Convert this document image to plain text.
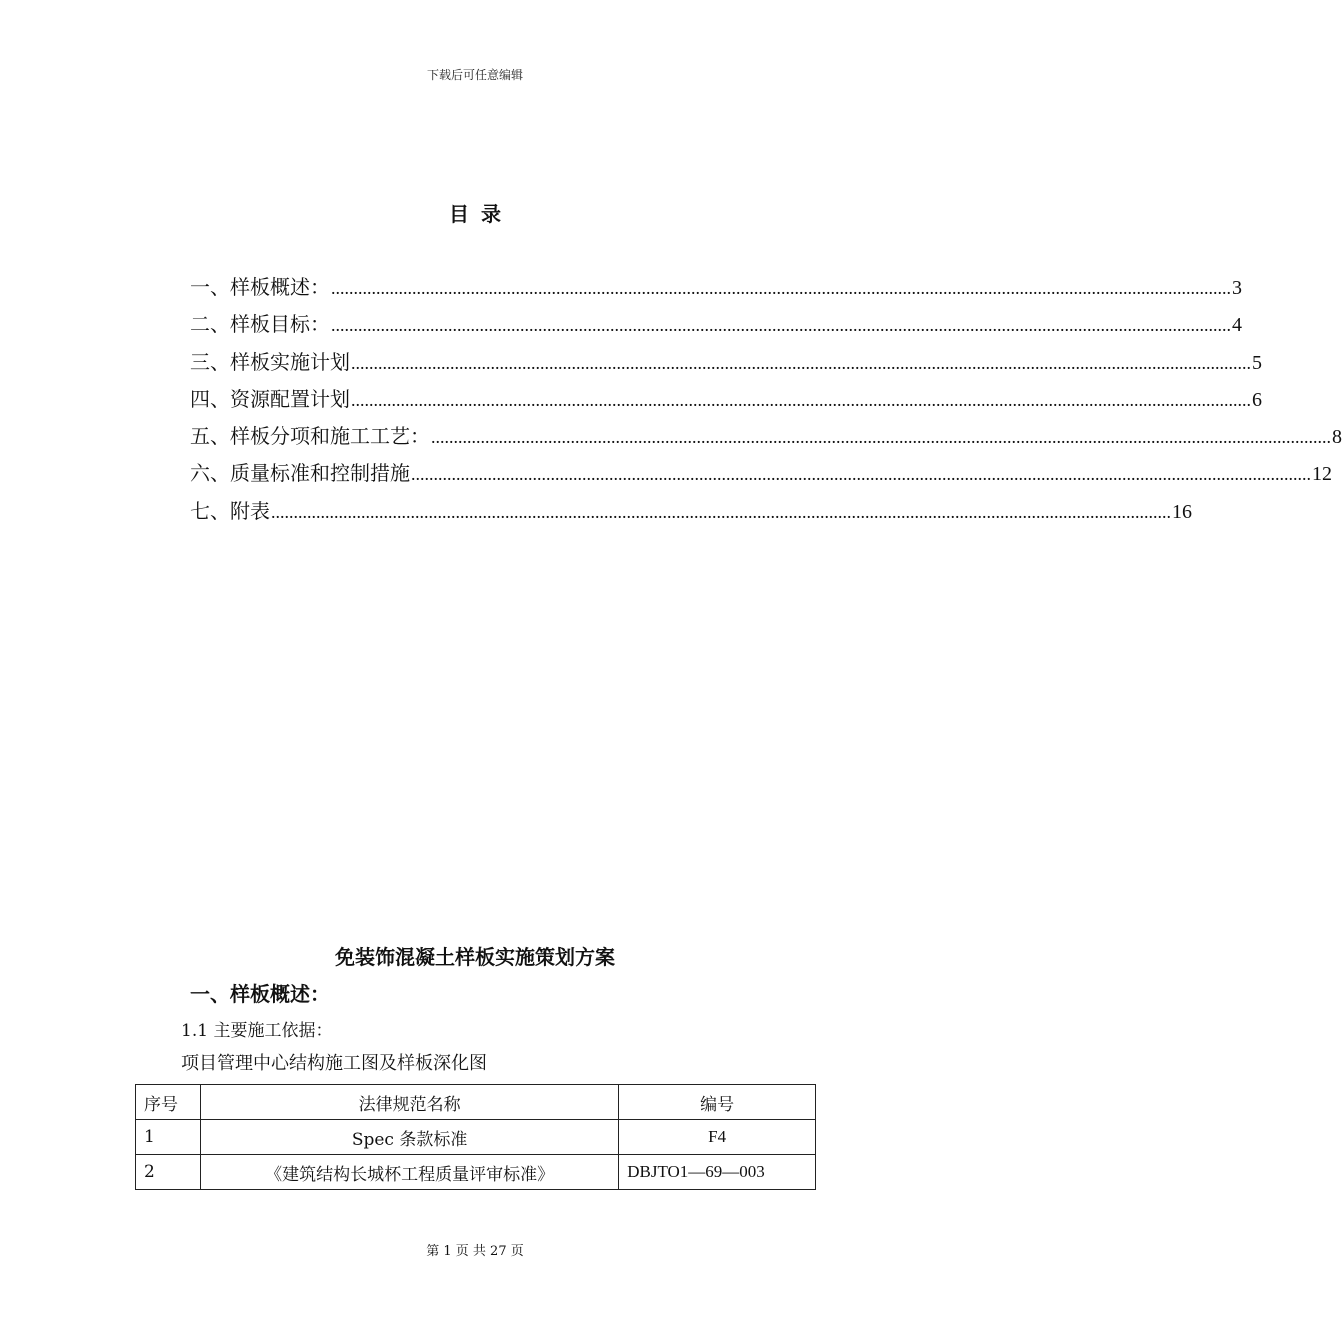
下载后可任意编辑
目录
一、样板概述： ........................................................................................................................................................................................................ 3
二、样板目标： ........................................................................................................................................................................................................ 4
三、样板实施计划 ........................................................................................................................................................................................................ 5
四、资源配置计划 ........................................................................................................................................................................................................ 6
五、样板分项和施工工艺： ........................................................................................................................................................................................................ 8
六、质量标准和控制措施 ........................................................................................................................................................................................................ 12
七、附表 ........................................................................................................................................................................................................ 16
免装饰混凝土样板实施策划方案
一、样板概述：
1.1 主要施工依据：
项目管理中心结构施工图及样板深化图
序号	法律规范名称	编号
1	Spec 条款标准	F4
2	《建筑结构长城杯工程质量评审标准》	DBJTO1—69—003
第 1 页 共 27 页
